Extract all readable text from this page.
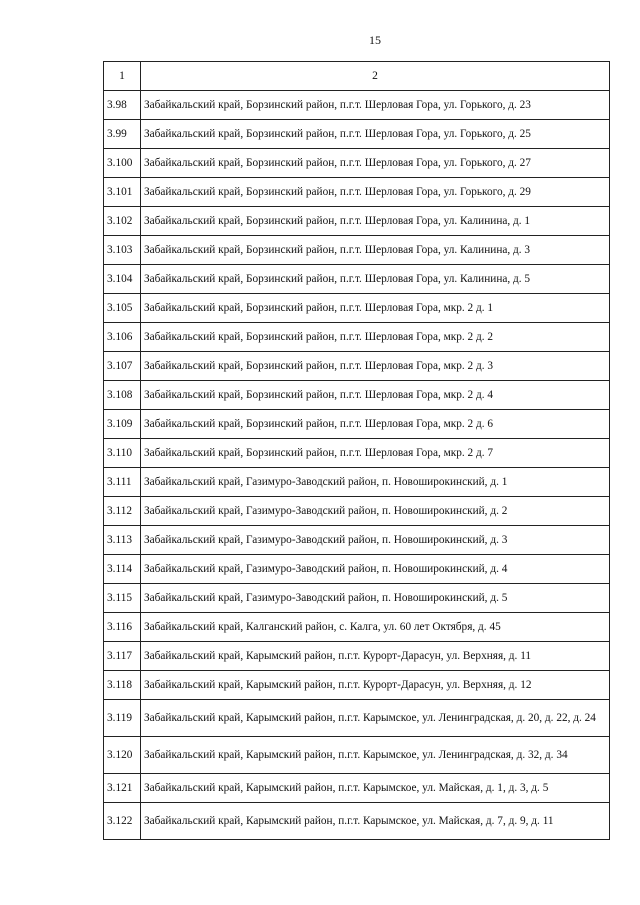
15
1	2
3.98	Забайкальский край, Борзинский район, п.г.т. Шерловая Гора, ул. Горького, д. 23
3.99	Забайкальский край, Борзинский район, п.г.т. Шерловая Гора, ул. Горького, д. 25
3.100	Забайкальский край, Борзинский район, п.г.т. Шерловая Гора, ул. Горького, д. 27
3.101	Забайкальский край, Борзинский район, п.г.т. Шерловая Гора, ул. Горького, д. 29
3.102	Забайкальский край, Борзинский район, п.г.т. Шерловая Гора, ул. Калинина, д. 1
3.103	Забайкальский край, Борзинский район, п.г.т. Шерловая Гора, ул. Калинина, д. 3
3.104	Забайкальский край, Борзинский район, п.г.т. Шерловая Гора, ул. Калинина, д. 5
3.105	Забайкальский край, Борзинский район, п.г.т. Шерловая Гора, мкр. 2 д. 1
3.106	Забайкальский край, Борзинский район, п.г.т. Шерловая Гора, мкр. 2 д. 2
3.107	Забайкальский край, Борзинский район, п.г.т. Шерловая Гора, мкр. 2 д. 3
3.108	Забайкальский край, Борзинский район, п.г.т. Шерловая Гора, мкр. 2 д. 4
3.109	Забайкальский край, Борзинский район, п.г.т. Шерловая Гора, мкр. 2 д. 6
3.110	Забайкальский край, Борзинский район, п.г.т. Шерловая Гора, мкр. 2 д. 7
3.111	Забайкальский край, Газимуро-Заводский район, п. Новоширокинский, д. 1
3.112	Забайкальский край, Газимуро-Заводский район, п. Новоширокинский, д. 2
3.113	Забайкальский край, Газимуро-Заводский район, п. Новоширокинский, д. 3
3.114	Забайкальский край, Газимуро-Заводский район, п. Новоширокинский, д. 4
3.115	Забайкальский край, Газимуро-Заводский район, п. Новоширокинский, д. 5
3.116	Забайкальский край, Калганский район, с. Калга, ул. 60 лет Октября, д. 45
3.117	Забайкальский край, Карымский район, п.г.т. Курорт-Дарасун, ул. Верхняя, д. 11
3.118	Забайкальский край, Карымский район, п.г.т. Курорт-Дарасун, ул. Верхняя, д. 12
3.119	Забайкальский край, Карымский район, п.г.т. Карымское, ул. Ленинградская, д. 20, д. 22, д. 24
3.120	Забайкальский край, Карымский район, п.г.т. Карымское, ул. Ленинградская, д. 32, д. 34
3.121	Забайкальский край, Карымский район, п.г.т. Карымское, ул. Майская, д. 1, д. 3, д. 5
3.122	Забайкальский край, Карымский район, п.г.т. Карымское, ул. Майская, д. 7, д. 9, д. 11
